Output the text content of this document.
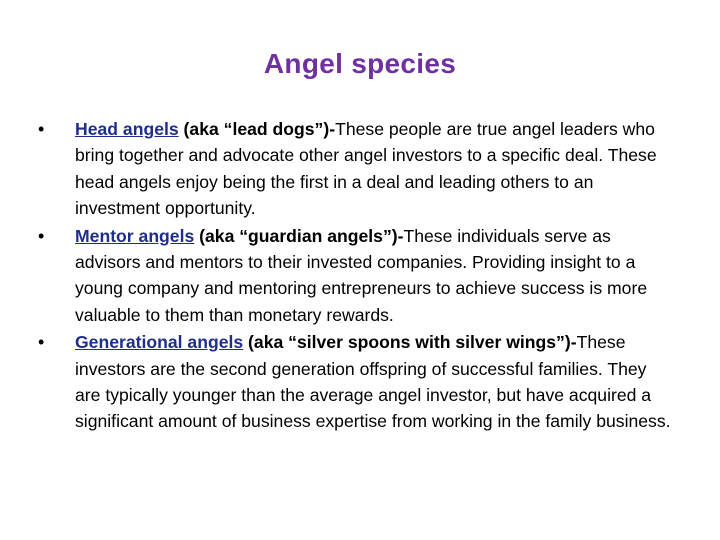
Angel species
• Head angels (aka “lead dogs”)-These people are true angel leaders who bring together and advocate other angel investors to a specific deal. These head angels enjoy being the first in a deal and leading others to an investment opportunity.
• Mentor angels (aka “guardian angels”)-These individuals serve as advisors and mentors to their invested companies. Providing insight to a young company and mentoring entrepreneurs to achieve success is more valuable to them than monetary rewards.
• Generational angels (aka “silver spoons with silver wings”)-These investors are the second generation offspring of successful families. They are typically younger than the average angel investor, but have acquired a significant amount of business expertise from working in the family business.
